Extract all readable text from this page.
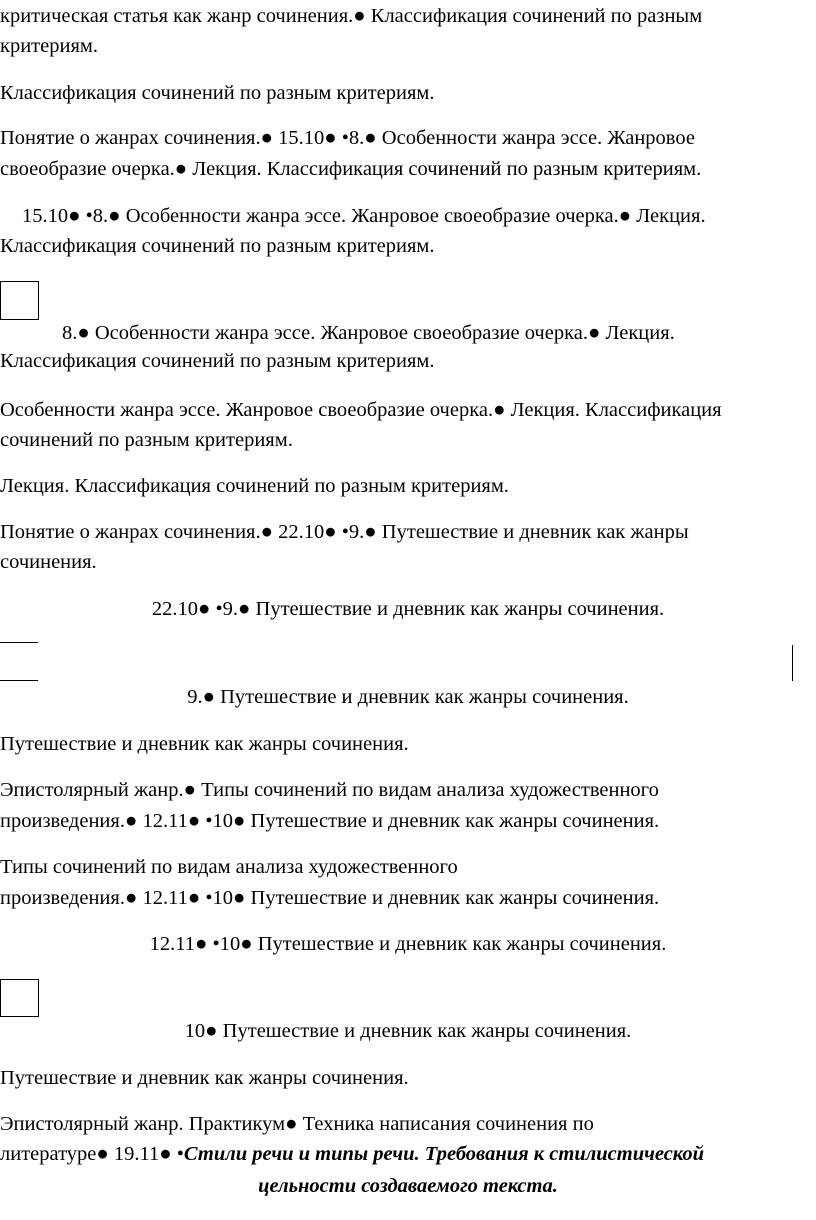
критическая статья как жанр сочинения.● Классификация сочинений по разным
критериям.
Классификация сочинений по разным критериям.
Понятие о жанрах сочинения.● 15.10● •8.● Особенности жанра эссе. Жанровое
своеобразие очерка.● Лекция. Классификация сочинений по разным критериям.
15.10● •8.● Особенности жанра эссе. Жанровое своеобразие очерка.● Лекция.
Классификация сочинений по разным критериям.
8.● Особенности жанра эссе. Жанровое своеобразие очерка.● Лекция.
Классификация сочинений по разным критериям.
Особенности жанра эссе. Жанровое своеобразие очерка.● Лекция. Классификация
сочинений по разным критериям.
Лекция. Классификация сочинений по разным критериям.
Понятие о жанрах сочинения.● 22.10● •9.● Путешествие и дневник как жанры
сочинения.
22.10● •9.● Путешествие и дневник как жанры сочинения.
9.● Путешествие и дневник как жанры сочинения.
Путешествие и дневник как жанры сочинения.
Эпистолярный жанр.● Типы сочинений по видам анализа художественного
произведения.● 12.11● •10● Путешествие и дневник как жанры сочинения.
Типы сочинений по видам анализа художественного
произведения.● 12.11● •10● Путешествие и дневник как жанры сочинения.
12.11● •10● Путешествие и дневник как жанры сочинения.
10● Путешествие и дневник как жанры сочинения.
Путешествие и дневник как жанры сочинения.
Эпистолярный жанр. Практикум● Техника написания сочинения по
литературе● 19.11● •Стили речи и типы речи. Требования к стилистической
цельности создаваемого текста.
